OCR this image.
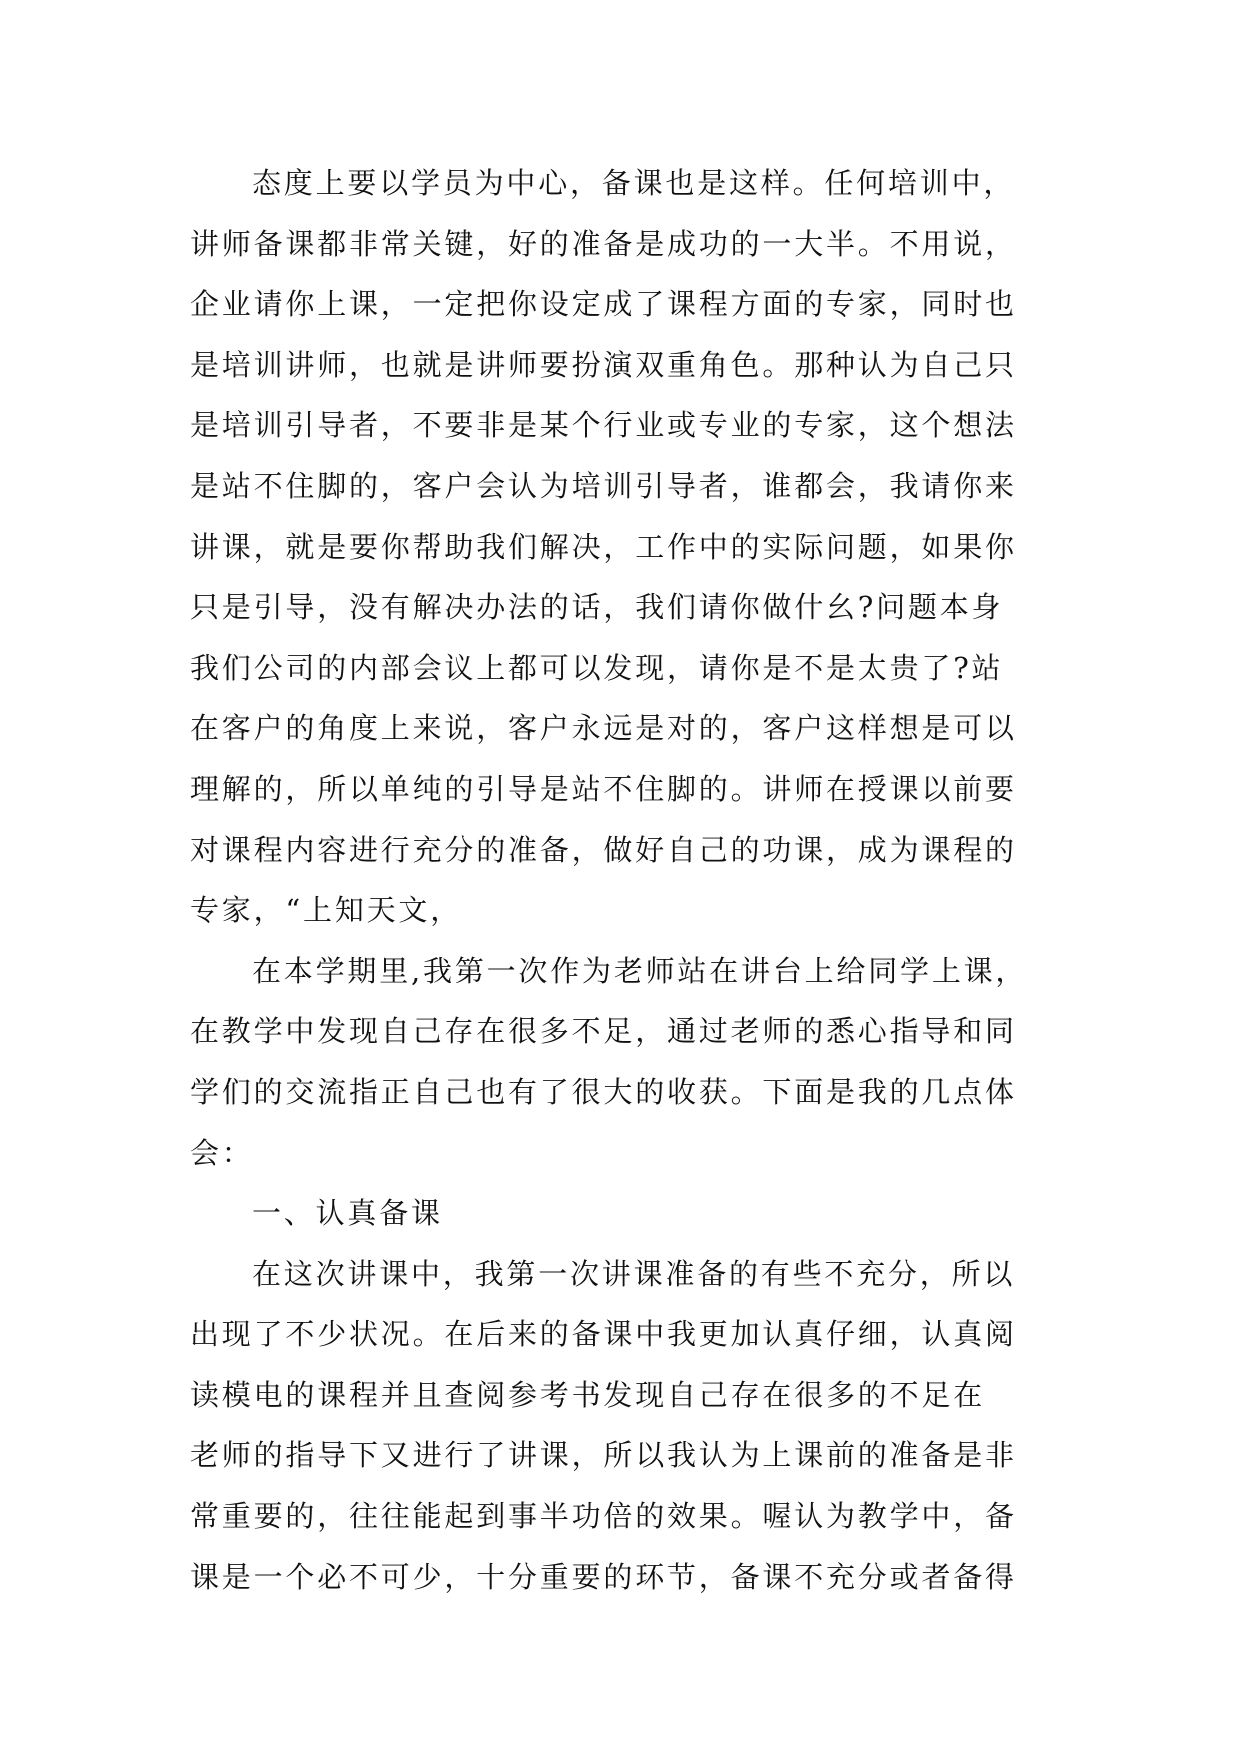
态度上要以学员为中心，备课也是这样。任何培训中，
讲师备课都非常关键，好的准备是成功的一大半。不用说，
企业请你上课，一定把你设定成了课程方面的专家，同时也
是培训讲师，也就是讲师要扮演双重角色。那种认为自己只
是培训引导者，不要非是某个行业或专业的专家，这个想法
是站不住脚的，客户会认为培训引导者，谁都会，我请你来
讲课，就是要你帮助我们解决，工作中的实际问题，如果你
只是引导，没有解决办法的话，我们请你做什幺?问题本身
我们公司的内部会议上都可以发现，请你是不是太贵了?站
在客户的角度上来说，客户永远是对的，客户这样想是可以
理解的，所以单纯的引导是站不住脚的。讲师在授课以前要
对课程内容进行充分的准备，做好自己的功课，成为课程的
专家，“上知天文，
在本学期里,我第一次作为老师站在讲台上给同学上课，
在教学中发现自己存在很多不足，通过老师的悉心指导和同
学们的交流指正自己也有了很大的收获。下面是我的几点体
会：
一、认真备课
在这次讲课中，我第一次讲课准备的有些不充分，所以
出现了不少状况。在后来的备课中我更加认真仔细，认真阅
读模电的课程并且查阅参考书发现自己存在很多的不足在
老师的指导下又进行了讲课，所以我认为上课前的准备是非
常重要的，往往能起到事半功倍的效果。喔认为教学中，备
课是一个必不可少，十分重要的环节，备课不充分或者备得
